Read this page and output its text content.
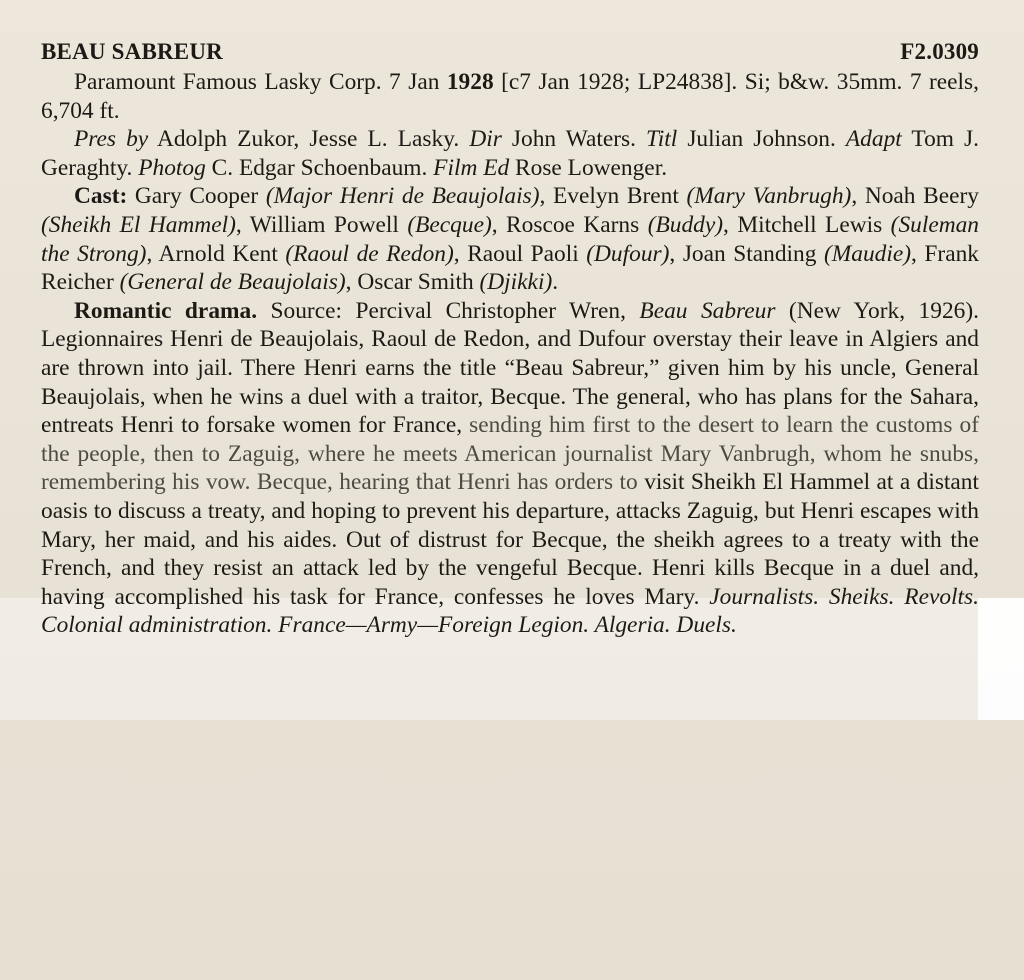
BEAU SABREUR	F2.0309

Paramount Famous Lasky Corp. 7 Jan 1928 [c7 Jan 1928; LP24838]. Si; b&w. 35mm. 7 reels, 6,704 ft.

Pres by Adolph Zukor, Jesse L. Lasky. Dir John Waters. Titl Julian Johnson. Adapt Tom J. Geraghty. Photog C. Edgar Schoenbaum. Film Ed Rose Lowenger.

Cast: Gary Cooper (Major Henri de Beaujolais), Evelyn Brent (Mary Vanbrugh), Noah Beery (Sheikh El Hammel), William Powell (Becque), Roscoe Karns (Buddy), Mitchell Lewis (Suleman the Strong), Arnold Kent (Raoul de Redon), Raoul Paoli (Dufour), Joan Standing (Maudie), Frank Reicher (General de Beaujolais), Oscar Smith (Djikki).

Romantic drama. Source: Percival Christopher Wren, Beau Sabreur (New York, 1926). Legionnaires Henri de Beaujolais, Raoul de Redon, and Dufour overstay their leave in Algiers and are thrown into jail. There Henri earns the title “Beau Sabreur,” given him by his uncle, General Beaujolais, when he wins a duel with a traitor, Becque. The general, who has plans for the Sahara, entreats Henri to forsake women for France, sending him first to the desert to learn the customs of the people, then to Zaguig, where he meets American journalist Mary Vanbrugh, whom he snubs, remembering his vow. Becque, hearing that Henri has orders to visit Sheikh El Hammel at a distant oasis to discuss a treaty, and hoping to prevent his departure, attacks Zaguig, but Henri escapes with Mary, her maid, and his aides. Out of distrust for Becque, the sheikh agrees to a treaty with the French, and they resist an attack led by the vengeful Becque. Henri kills Becque in a duel and, having accomplished his task for France, confesses he loves Mary. Journalists. Sheiks. Revolts. Colonial administration. France—Army—Foreign Legion. Algeria. Duels.
